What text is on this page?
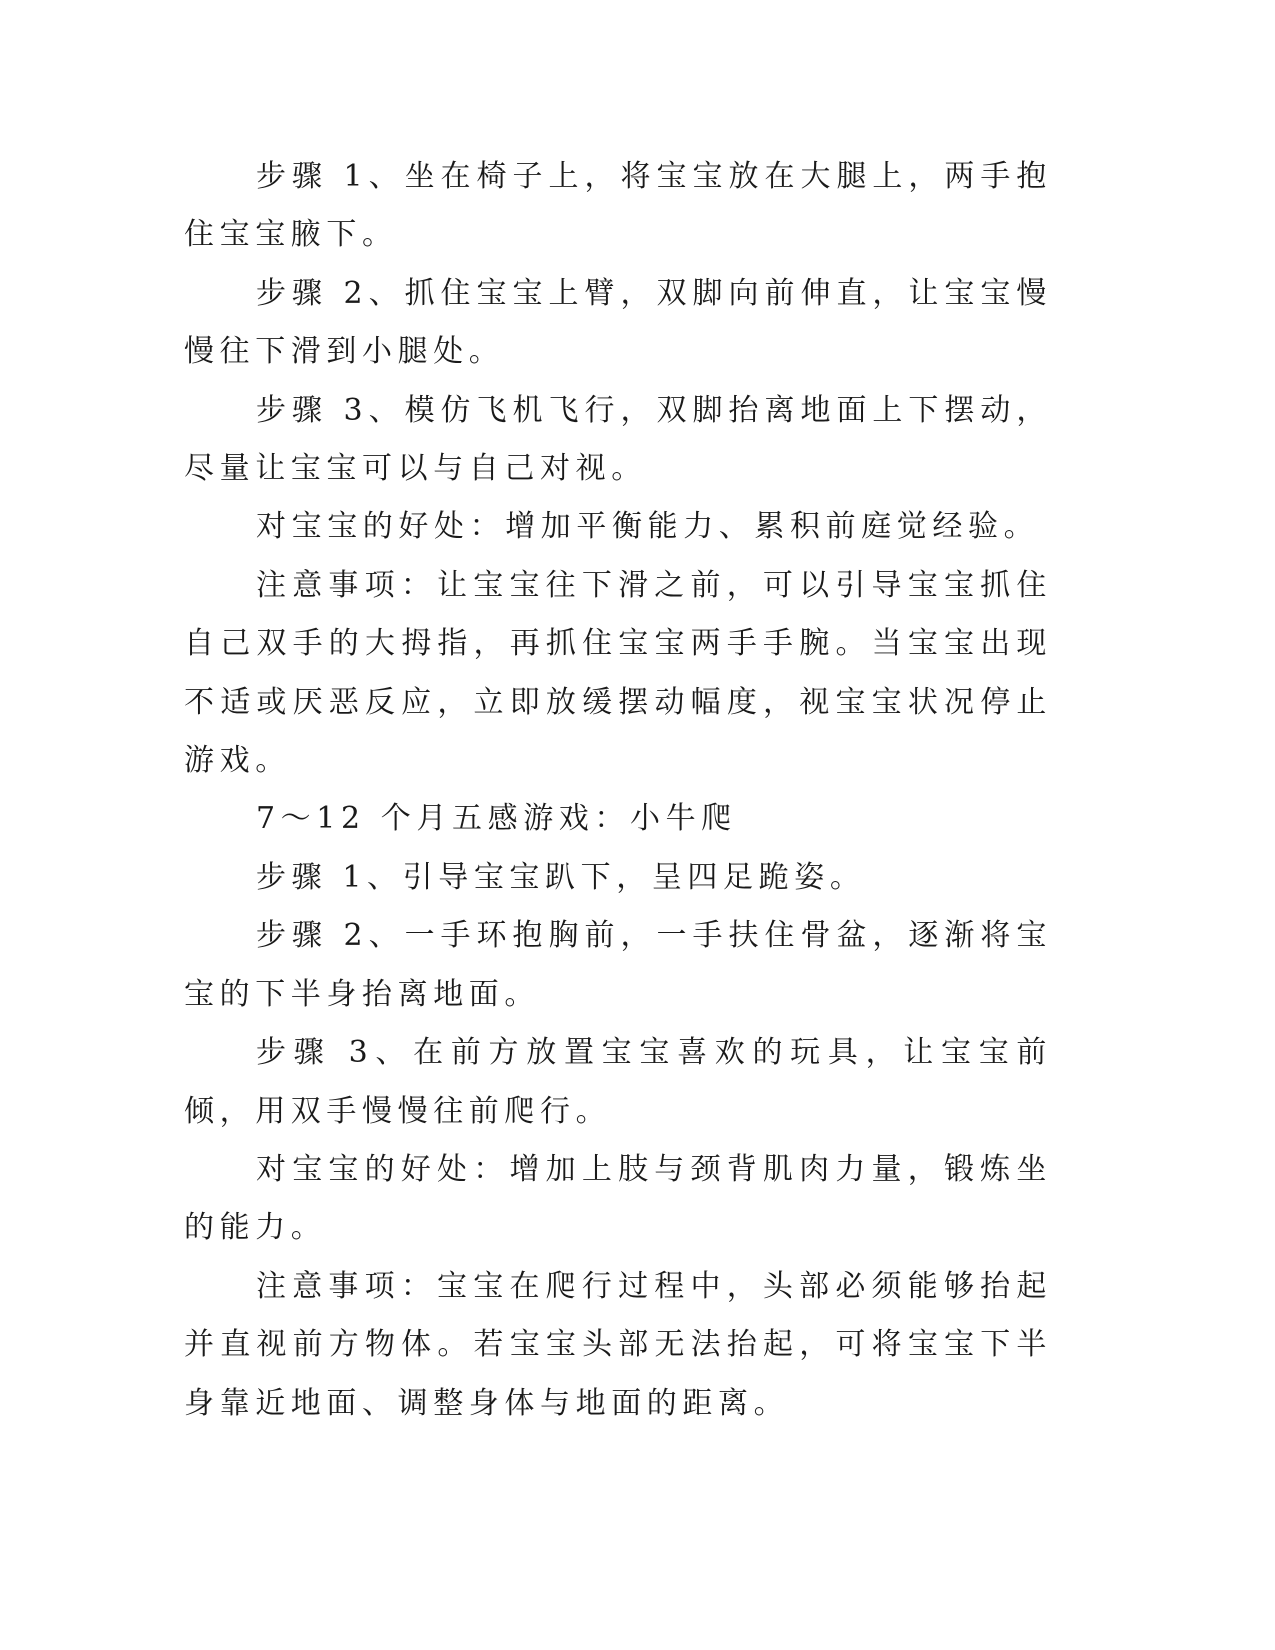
步骤 1、坐在椅子上，将宝宝放在大腿上，两手抱住宝宝腋下。

步骤 2、抓住宝宝上臂，双脚向前伸直，让宝宝慢慢往下滑到小腿处。

步骤 3、模仿飞机飞行，双脚抬离地面上下摆动，尽量让宝宝可以与自己对视。

对宝宝的好处：增加平衡能力、累积前庭觉经验。

注意事项：让宝宝往下滑之前，可以引导宝宝抓住自己双手的大拇指，再抓住宝宝两手手腕。当宝宝出现不适或厌恶反应，立即放缓摆动幅度，视宝宝状况停止游戏。

7～12 个月五感游戏：小牛爬

步骤 1、引导宝宝趴下，呈四足跪姿。

步骤 2、一手环抱胸前，一手扶住骨盆，逐渐将宝宝的下半身抬离地面。

步骤 3、在前方放置宝宝喜欢的玩具，让宝宝前倾，用双手慢慢往前爬行。

对宝宝的好处：增加上肢与颈背肌肉力量，锻炼坐的能力。

注意事项：宝宝在爬行过程中，头部必须能够抬起并直视前方物体。若宝宝头部无法抬起，可将宝宝下半身靠近地面、调整身体与地面的距离。
